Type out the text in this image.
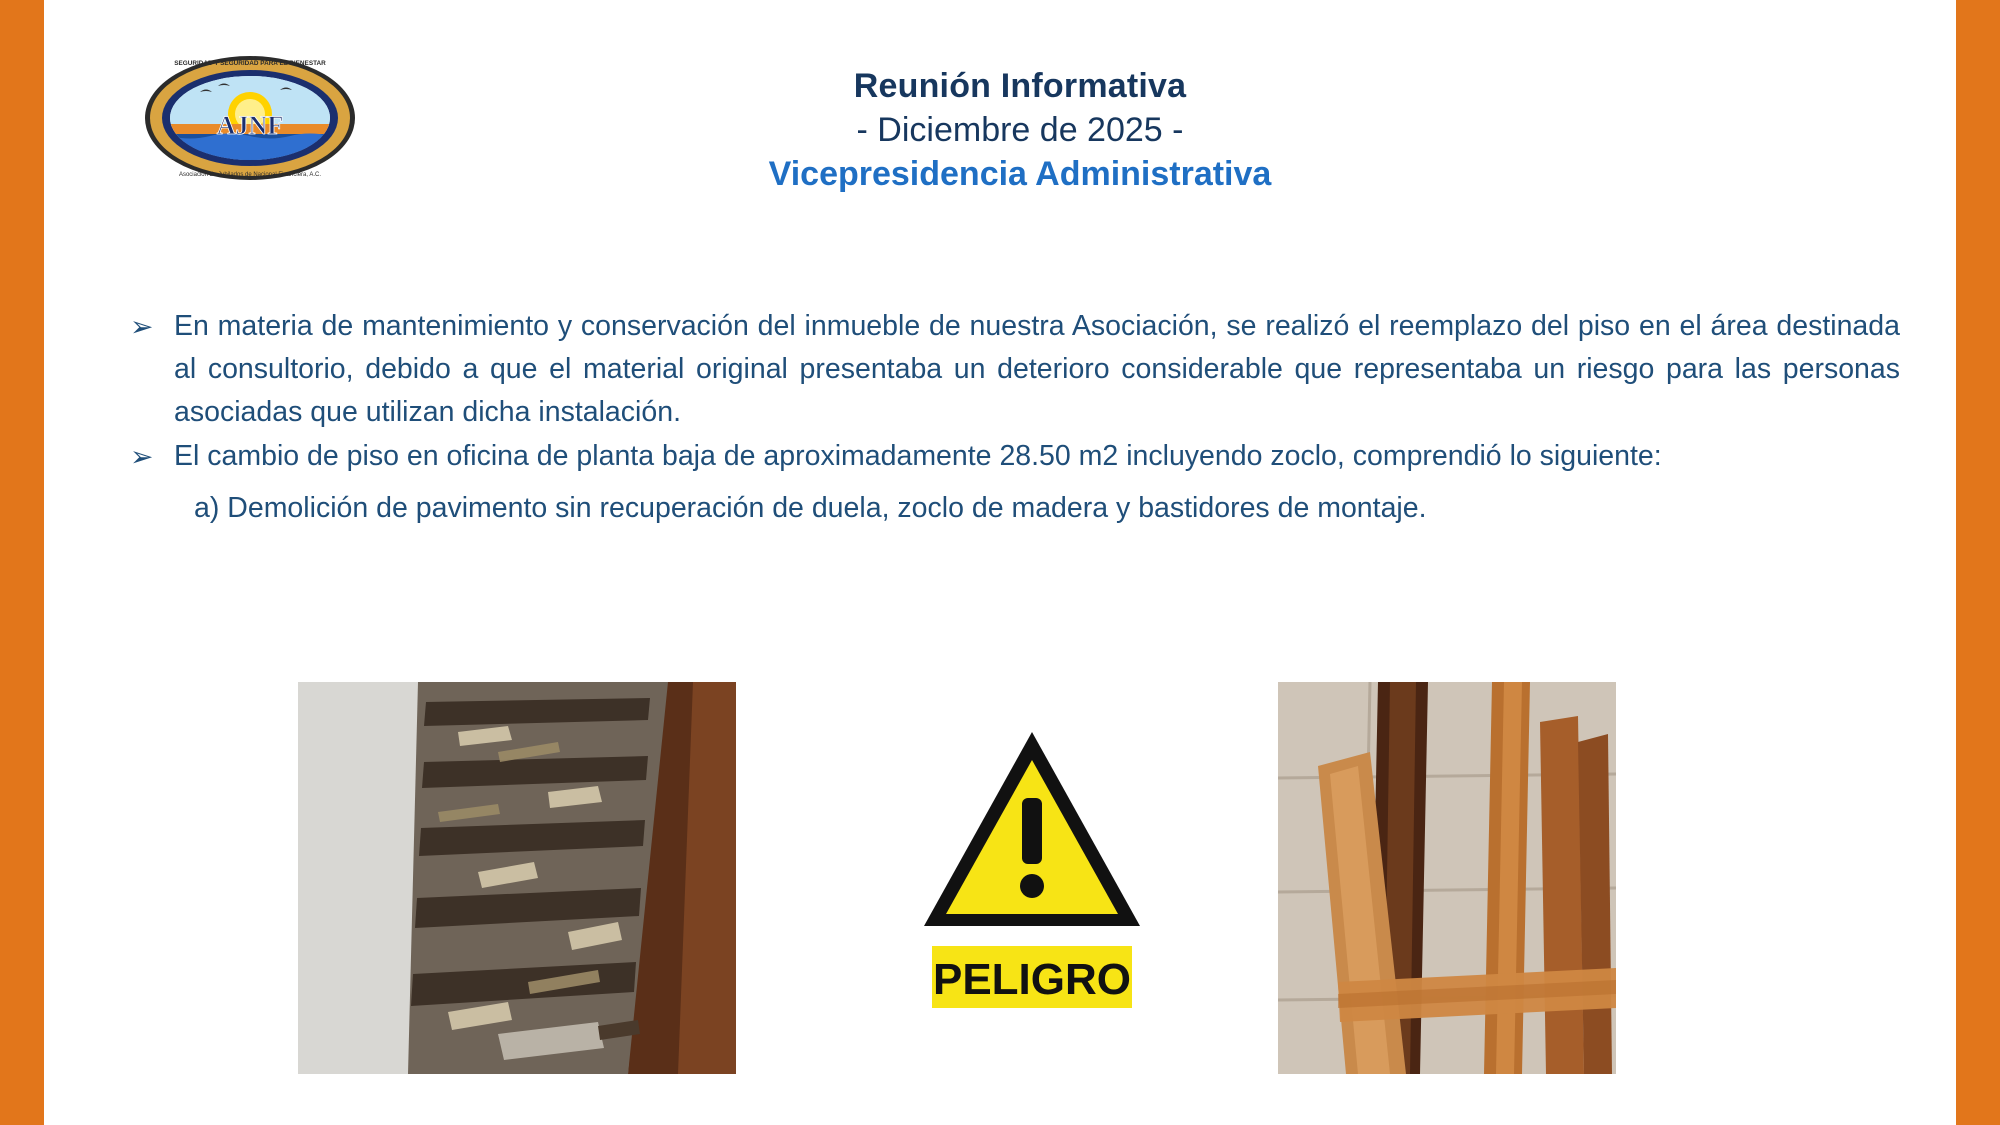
AJNF
SEGURIDAD Y SEGURIDAD PARA EL BIENESTAR
Asociación de Jubilados de Nacional Financiera, A.C.
Reunión Informativa
- Diciembre de 2025 -
Vicepresidencia Administrativa
➢ En materia de mantenimiento y conservación del inmueble de nuestra Asociación, se realizó el reemplazo del piso en el área destinada al consultorio, debido a que el material original presentaba un deterioro considerable que representaba un riesgo para las personas asociadas que utilizan dicha instalación.
➢ El cambio de piso en oficina de planta baja de aproximadamente 28.50 m2 incluyendo zoclo, comprendió lo siguiente:
a) Demolición de pavimento sin recuperación de duela, zoclo de madera y bastidores de montaje.
PELIGRO
